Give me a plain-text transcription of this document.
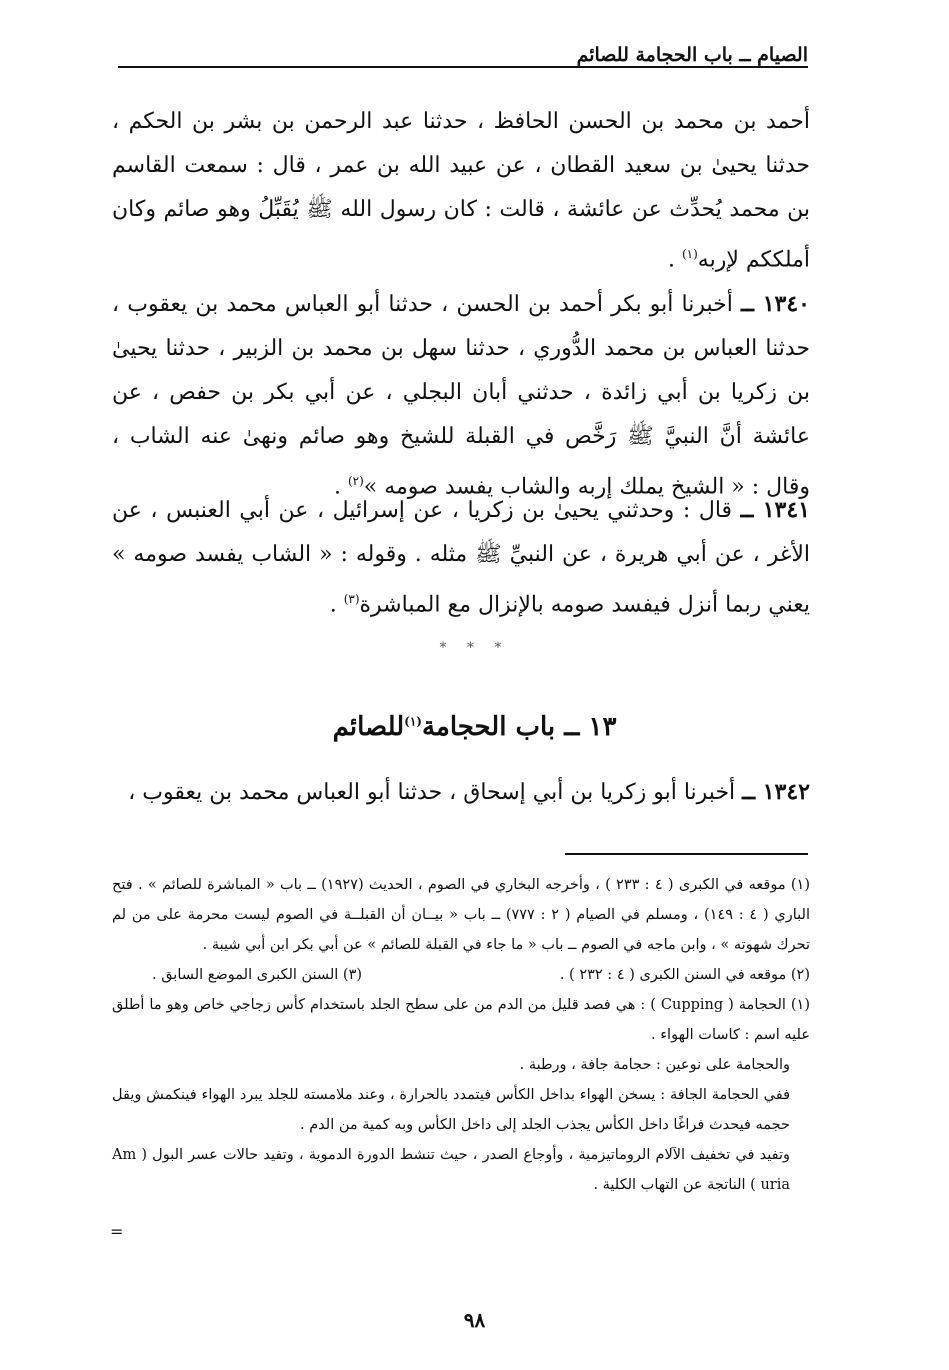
الصيام ــ باب الحجامة للصائم

أحمد بن محمد بن الحسن الحافظ ، حدثنا عبد الرحمن بن بشر بن الحكم ، حدثنا يحيىٰ بن سعيد القطان ، عن عبيد الله بن عمر ، قال : سمعت القاسم بن محمد يُحدِّث عن عائشة ، قالت : كان رسول الله ﷺ يُقَبِّلُ وهو صائم وكان أملككم لإربه$^{(١)}$ .

١٣٤٠ ــ أخبرنا أبو بكر أحمد بن الحسن ، حدثنا أبو العباس محمد بن يعقوب ، حدثنا العباس بن محمد الدُّوري ، حدثنا سهل بن محمد بن الزبير ، حدثنا يحيىٰ بن زكريا بن أبي زائدة ، حدثني أبان البجلي ، عن أبي بكر بن حفص ، عن عائشة أنَّ النبيَّ ﷺ رَخَّص في القبلة للشيخ وهو صائم ونهىٰ عنه الشاب ، وقال : « الشيخ يملك إربه والشاب يفسد صومه »$^{(٢)}$ .

١٣٤١ ــ قال : وحدثني يحيىٰ بن زكريا ، عن إسرائيل ، عن أبي العنبس ، عن الأغر ، عن أبي هريرة ، عن النبيِّ ﷺ مثله . وقوله : « الشاب يفسد صومه » يعني ربما أنزل فيفسد صومه بالإنزال مع المباشرة$^{(٣)}$ .

* * *
١٣ ــ باب الحجامة$^{(١)}$للصائم

١٣٤٢ ــ أخبرنا أبو زكريا بن أبي إسحاق ، حدثنا أبو العباس محمد بن يعقوب ،

(١) موقعه في الكبرى ( ٤ : ٢٣٣ ) ، وأخرجه البخاري في الصوم ، الحديث (١٩٢٧) ــ باب « المباشرة للصائم » . فتح الباري ( ٤ : ١٤٩) ، ومسلم في الصيام ( ٢ : ٧٧٧) ــ باب « بيــان أن القبلــة في الصوم ليست محرمة على من لم تحرك شهوته » ، وابن ماجه في الصوم ــ باب « ما جاء في القبلة للصائم » عن أبي بكر ابن أبي شيبة .

(٢) موقعه في السنن الكبرى ( ٤ : ٢٣٢ ) .
(٣) السنن الكبرى الموضع السابق .

(١) الحجامة ( Cupping ) : هي فصد قليل من الدم من على سطح الجلد باستخدام كأس زجاجي خاص وهو ما أطلق عليه اسم : كاسات الهواء .

والحجامة على نوعين : حجامة جافة ، ورطبة .

ففي الحجامة الجافة : يسخن الهواء بداخل الكأس فيتمدد بالحرارة ، وعند ملامسته للجلد يبرد الهواء فينكمش ويقل حجمه فيحدث فراغًا داخل الكأس يجذب الجلد إلى داخل الكأس وبه كمية من الدم .

وتفيد في تخفيف الآلام الروماتيزمية ، وأوجاع الصدر ، حيث تنشط الدورة الدموية ، وتفيد حالات عسر البول ( Am uria ) الناتجة عن التهاب الكلية .

=
٩٨
